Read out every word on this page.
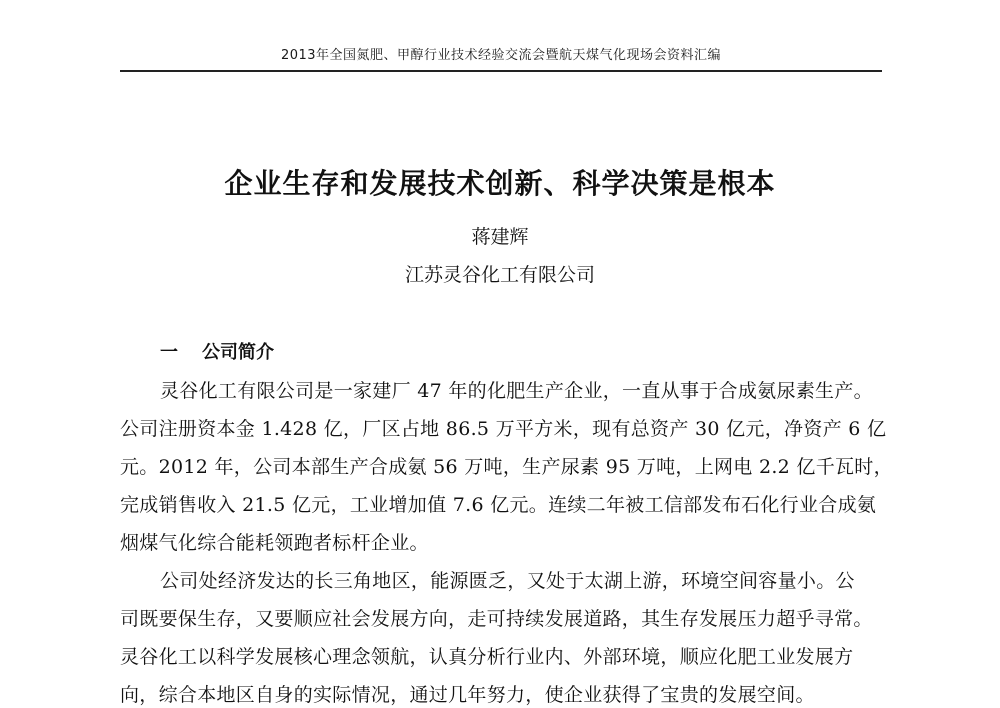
2013年全国氮肥、甲醇行业技术经验交流会暨航天煤气化现场会资料汇编
企业生存和发展技术创新、科学决策是根本
蒋建辉
江苏灵谷化工有限公司
一 公司简介
灵谷化工有限公司是一家建厂 47 年的化肥生产企业，一直从事于合成氨尿素生产。
公司注册资本金 1.428 亿，厂区占地 86.5 万平方米，现有总资产 30 亿元，净资产 6 亿
元。2012 年，公司本部生产合成氨 56 万吨，生产尿素 95 万吨，上网电 2.2 亿千瓦时，
完成销售收入 21.5 亿元，工业增加值 7.6 亿元。连续二年被工信部发布石化行业合成氨
烟煤气化综合能耗领跑者标杆企业。
公司处经济发达的长三角地区，能源匮乏，又处于太湖上游，环境空间容量小。公
司既要保生存，又要顺应社会发展方向，走可持续发展道路，其生存发展压力超乎寻常。
灵谷化工以科学发展核心理念领航，认真分析行业内、外部环境，顺应化肥工业发展方
向，综合本地区自身的实际情况，通过几年努力，使企业获得了宝贵的发展空间。
